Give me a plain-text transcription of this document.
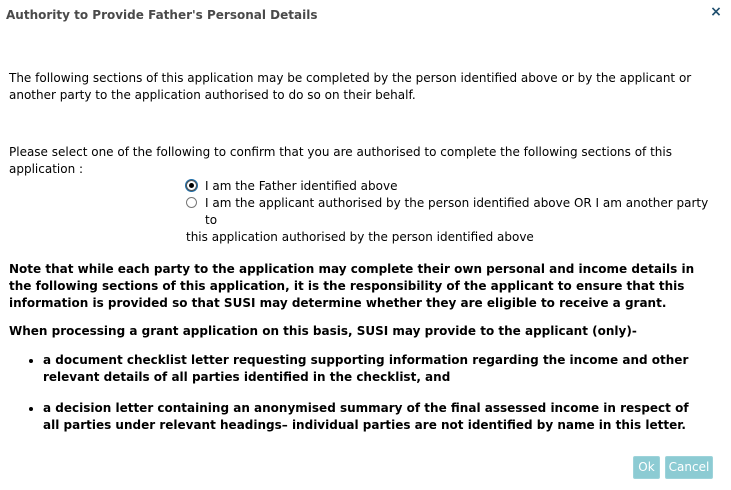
Authority to Provide Father's Personal Details	×
The following sections of this application may be completed by the person identified above or by the applicant or another party to the application authorised to do so on their behalf.
Please select one of the following to confirm that you are authorised to complete the following sections of this application :
I am the Father identified above
I am the applicant authorised by the person identified above OR I am another party to
this application authorised by the person identified above
Note that while each party to the application may complete their own personal and income details in the following sections of this application, it is the responsibility of the applicant to ensure that this information is provided so that SUSI may determine whether they are eligible to receive a grant.
When processing a grant application on this basis, SUSI may provide to the applicant (only)-
a document checklist letter requesting supporting information regarding the income and other relevant details of all parties identified in the checklist, and
a decision letter containing an anonymised summary of the final assessed income in respect of all parties under relevant headings– individual parties are not identified by name in this letter.
Ok	Cancel
